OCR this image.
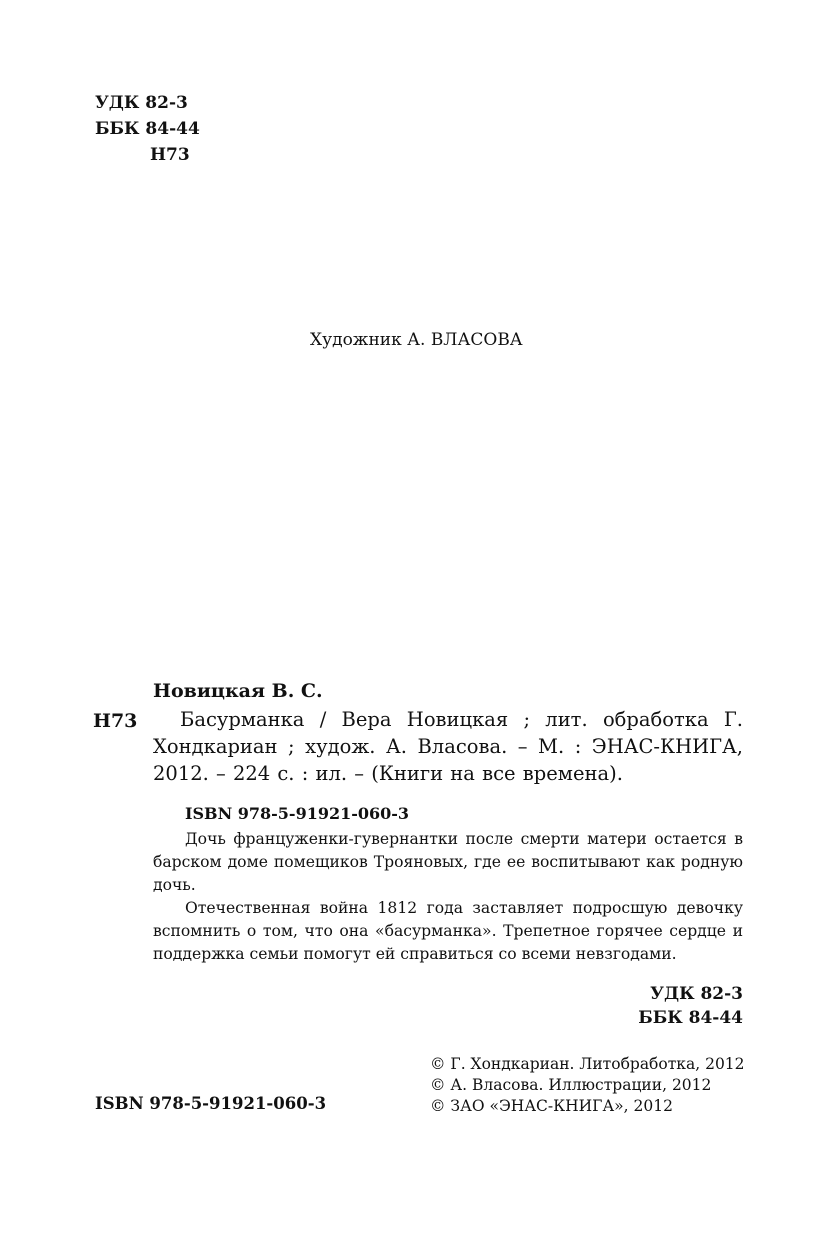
УДК 82-3
ББК 84-44
Н73
Художник А. ВЛАСОВА
Новицкая В. С.
Н73	Басурманка / Вера Новицкая ; лит. обработка Г. Хондкариан ; худож. А. Власова. – М. : ЭНАС-КНИГА, 2012. – 224 с. : ил. – (Книги на все времена).
ISBN 978-5-91921-060-3

Дочь француженки-гувернантки после смерти матери остается в барском доме помещиков Трояновых, где ее воспитывают как родную дочь.

Отечественная война 1812 года заставляет подросшую девочку вспомнить о том, что она «басурманка». Трепетное горячее сердце и поддержка семьи помогут ей справиться со всеми невзгодами.

УДК 82-3
ББК 84-44
ISBN 978-5-91921-060-3
© Г. Хондкариан. Литобработка, 2012
© А. Власова. Иллюстрации, 2012
© ЗАО «ЭНАС-КНИГА», 2012
